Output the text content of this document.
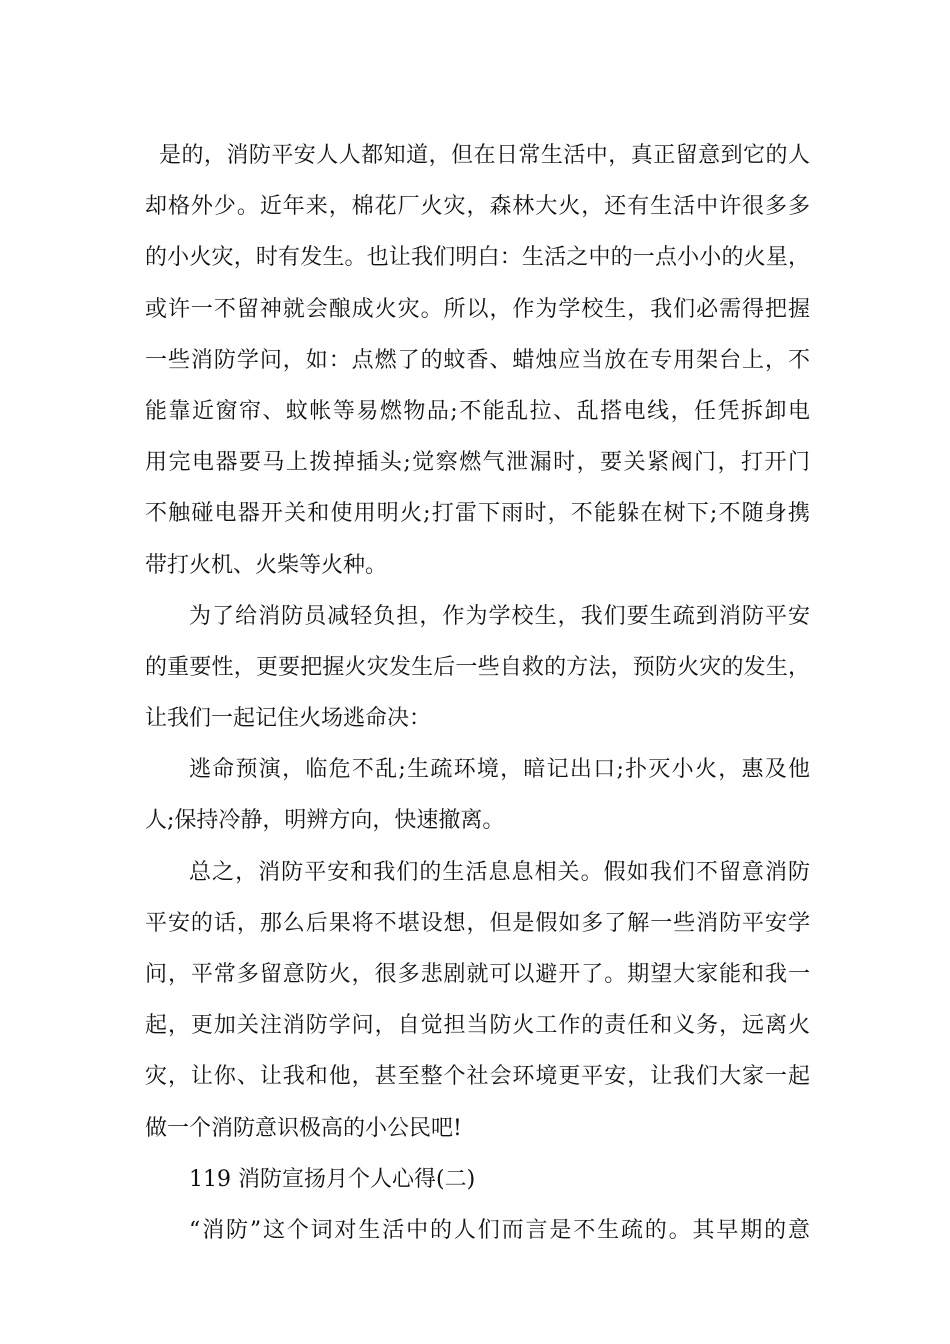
是的，消防平安人人都知道，但在日常生活中，真正留意到它的人
却格外少。近年来，棉花厂火灾，森林大火，还有生活中许很多多
的小火灾，时有发生。也让我们明白：生活之中的一点小小的火星，
或许一不留神就会酿成火灾。所以，作为学校生，我们必需得把握
一些消防学问，如：点燃了的蚊香、蜡烛应当放在专用架台上，不
能靠近窗帘、蚊帐等易燃物品;不能乱拉、乱搭电线，任凭拆卸电
用完电器要马上拨掉插头;觉察燃气泄漏时，要关紧阀门，打开门
不触碰电器开关和使用明火;打雷下雨时，不能躲在树下;不随身携
带打火机、火柴等火种。
为了给消防员减轻负担，作为学校生，我们要生疏到消防平安
的重要性，更要把握火灾发生后一些自救的方法，预防火灾的发生，
让我们一起记住火场逃命决：
逃命预演，临危不乱;生疏环境，暗记出口;扑灭小火，惠及他
人;保持冷静，明辨方向，快速撤离。
总之，消防平安和我们的生活息息相关。假如我们不留意消防
平安的话，那么后果将不堪设想，但是假如多了解一些消防平安学
问，平常多留意防火，很多悲剧就可以避开了。期望大家能和我一
起，更加关注消防学问，自觉担当防火工作的责任和义务，远离火
灾，让你、让我和他，甚至整个社会环境更平安，让我们大家一起
做一个消防意识极高的小公民吧!
119 消防宣扬月个人心得(二)
“消防”这个词对生活中的人们而言是不生疏的。其早期的意
